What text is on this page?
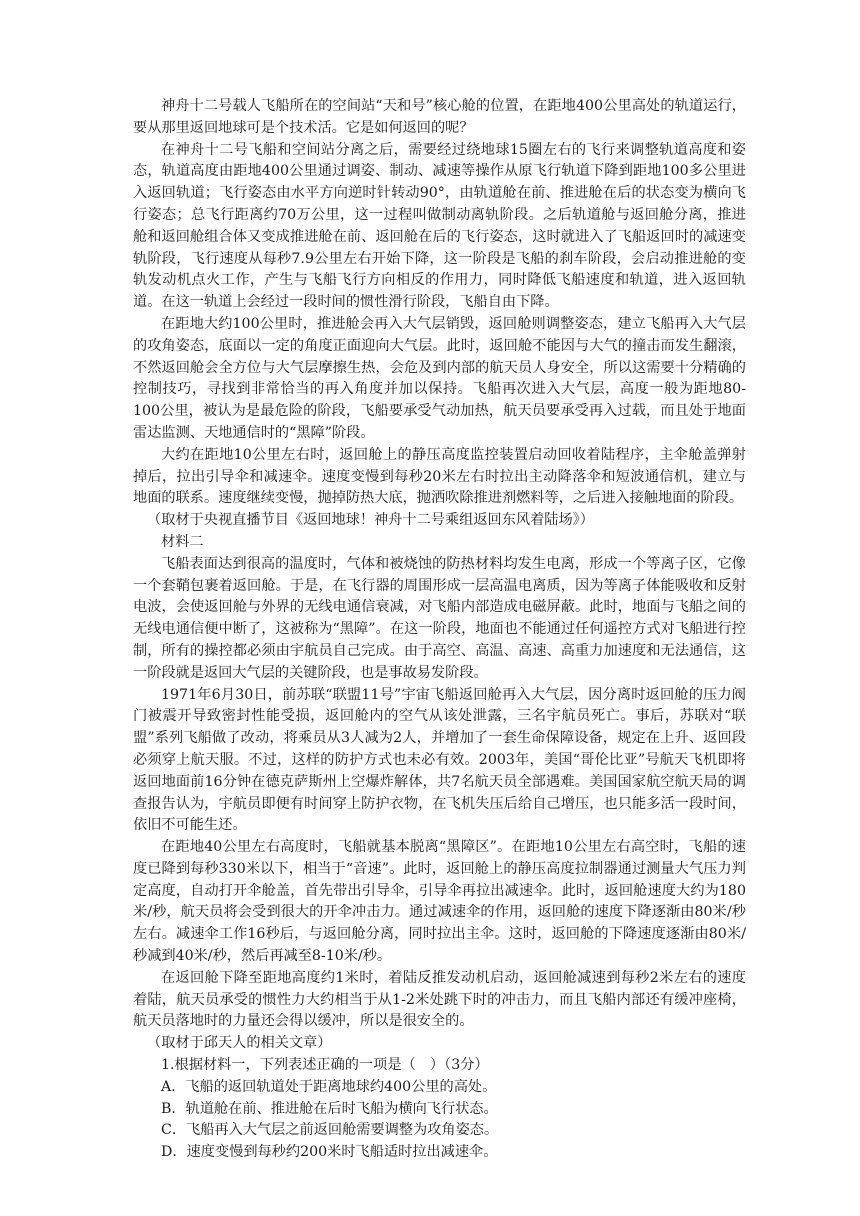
神舟十二号载人飞船所在的空间站“天和号”核心舱的位置，在距地400公里高处的轨道运行，要从那里返回地球可是个技术活。它是如何返回的呢？

在神舟十二号飞船和空间站分离之后，需要经过绕地球15圈左右的飞行来调整轨道高度和姿态，轨道高度由距地400公里通过调姿、制动、减速等操作从原飞行轨道下降到距地100多公里进入返回轨道；飞行姿态由水平方向逆时针转动90°，由轨道舱在前、推进舱在后的状态变为横向飞行姿态；总飞行距离约70万公里，这一过程叫做制动离轨阶段。之后轨道舱与返回舱分离，推进舱和返回舱组合体又变成推进舱在前、返回舱在后的飞行姿态，这时就进入了飞船返回时的减速变轨阶段，飞行速度从每秒7.9公里左右开始下降，这一阶段是飞船的刹车阶段，会启动推进舱的变轨发动机点火工作，产生与飞船飞行方向相反的作用力，同时降低飞船速度和轨道，进入返回轨道。在这一轨道上会经过一段时间的惯性滑行阶段，飞船自由下降。

在距地大约100公里时，推进舱会再入大气层销毁，返回舱则调整姿态，建立飞船再入大气层的攻角姿态，底面以一定的角度正面迎向大气层。此时，返回舱不能因与大气的撞击而发生翻滚，不然返回舱会全方位与大气层摩擦生热，会危及到内部的航天员人身安全，所以这需要十分精确的控制技巧，寻找到非常恰当的再入角度并加以保持。飞船再次进入大气层，高度一般为距地80-100公里，被认为是最危险的阶段，飞船要承受气动加热，航天员要承受再入过载，而且处于地面雷达监测、天地通信时的“黑障”阶段。

大约在距地10公里左右时，返回舱上的静压高度监控装置启动回收着陆程序，主伞舱盖弹射掉后，拉出引导伞和减速伞。速度变慢到每秒20米左右时拉出主动降落伞和短波通信机，建立与地面的联系。速度继续变慢，抛掉防热大底，抛洒吹除推进剂燃料等，之后进入接触地面的阶段。

（取材于央视直播节目《返回地球！神舟十二号乘组返回东风着陆场》）

材料二

飞船表面达到很高的温度时，气体和被烧蚀的防热材料均发生电离，形成一个等离子区，它像一个套鞘包裹着返回舱。于是，在飞行器的周围形成一层高温电离质，因为等离子体能吸收和反射电波，会使返回舱与外界的无线电通信衰减，对飞船内部造成电磁屏蔽。此时，地面与飞船之间的无线电通信便中断了，这被称为“黑障”。在这一阶段，地面也不能通过任何遥控方式对飞船进行控制，所有的操控都必须由宇航员自己完成。由于高空、高温、高速、高重力加速度和无法通信，这一阶段就是返回大气层的关键阶段，也是事故易发阶段。

1971年6月30日，前苏联“联盟11号”宇宙飞船返回舱再入大气层，因分离时返回舱的压力阀门被震开导致密封性能受损，返回舱内的空气从该处泄露，三名宇航员死亡。事后，苏联对“联盟”系列飞船做了改动，将乘员从3人减为2人，并增加了一套生命保障设备，规定在上升、返回段必须穿上航天服。不过，这样的防护方式也未必有效。2003年，美国“哥伦比亚”号航天飞机即将返回地面前16分钟在德克萨斯州上空爆炸解体，共7名航天员全部遇难。美国国家航空航天局的调查报告认为，宇航员即便有时间穿上防护衣物，在飞机失压后给自己增压，也只能多活一段时间，依旧不可能生还。

在距地40公里左右高度时，飞船就基本脱离“黑障区”。在距地10公里左右高空时，飞船的速度已降到每秒330米以下，相当于“音速”。此时，返回舱上的静压高度拉制器通过测量大气压力判定高度，自动打开伞舱盖，首先带出引导伞，引导伞再拉出减速伞。此时，返回舱速度大约为180米/秒，航天员将会受到很大的开伞冲击力。通过减速伞的作用，返回舱的速度下降逐渐由80米/秒左右。减速伞工作16秒后，与返回舱分离，同时拉出主伞。这时，返回舱的下降速度逐渐由80米/秒减到40米/秒，然后再减至8-10米/秒。

在返回舱下降至距地高度约1米时，着陆反推发动机启动，返回舱减速到每秒2米左右的速度着陆，航天员承受的惯性力大约相当于从1-2米处跳下时的冲击力，而且飞船内部还有缓冲座椅，航天员落地时的力量还会得以缓冲，所以是很安全的。

（取材于邱天人的相关文章）

1.根据材料一，下列表述正确的一项是（　）（3分）

A．飞船的返回轨道处于距离地球约400公里的高处。

B．轨道舱在前、推进舱在后时飞船为横向飞行状态。

C．飞船再入大气层之前返回舱需要调整为攻角姿态。

D．速度变慢到每秒约200米时飞船适时拉出减速伞。
